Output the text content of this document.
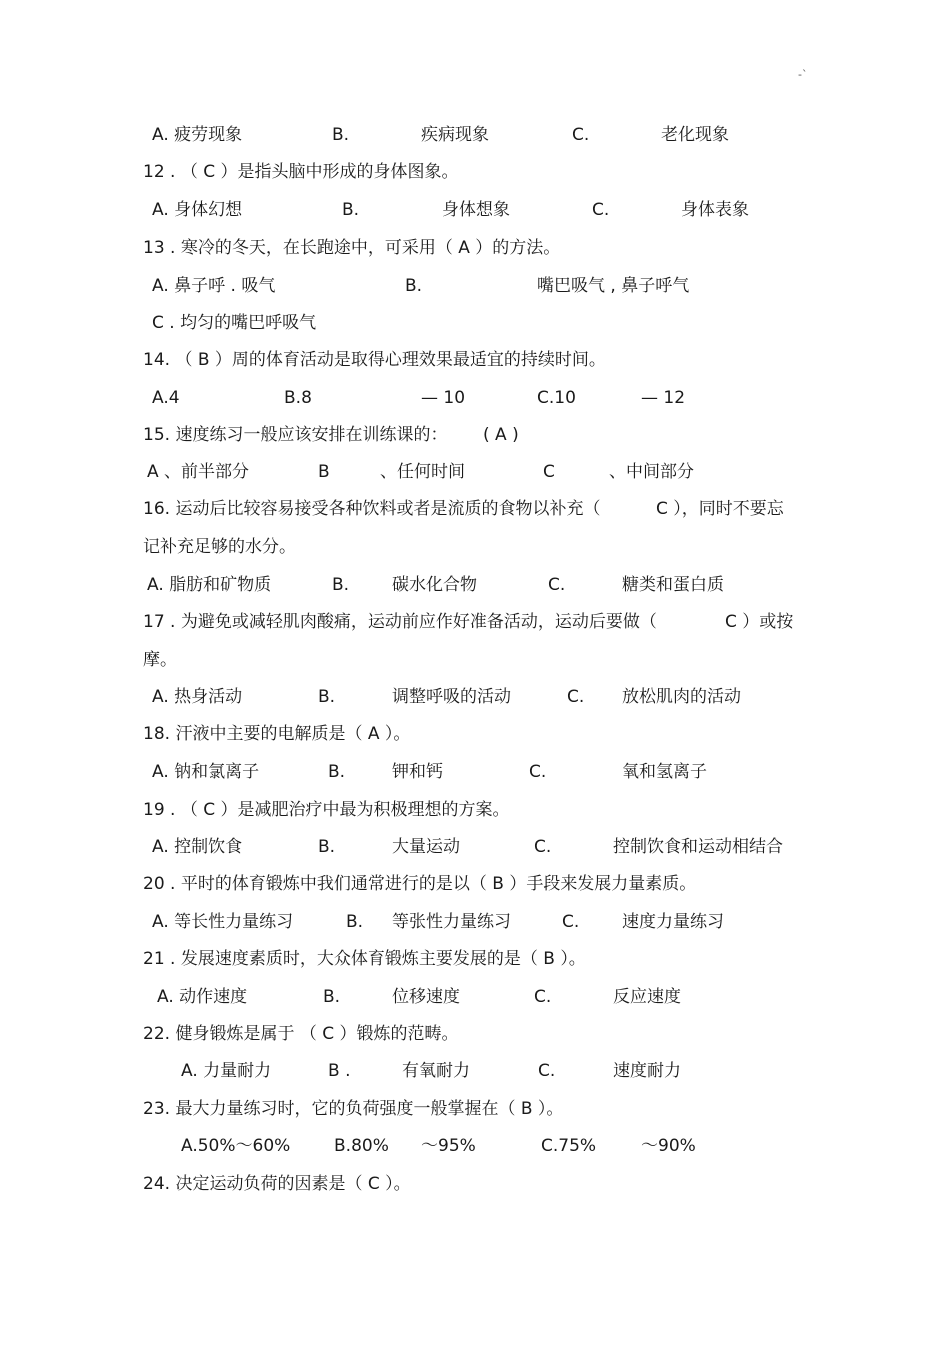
-`
A. 疲劳现象	B.	疾病现象	C.	老化现象
12 . （ C ）是指头脑中形成的身体图象。
A. 身体幻想	B.	身体想象	C.	身体表象
13 . 寒冷的冬天，在长跑途中，可采用（ A ）的方法。
A. 鼻子呼 . 吸气	B.	嘴巴吸气 , 鼻子呼气
C . 均匀的嘴巴呼吸气
14. （ B ）周的体育活动是取得心理效果最适宜的持续时间。
A.4	B.8	— 10	C.10	— 12
15. 速度练习一般应该安排在训练课的： ( A )
A 、前半部分	B	、任何时间	C	、中间部分
16. 运动后比较容易接受各种饮料或者是流质的食物以补充（	C ），同时不要忘
记补充足够的水分。
A. 脂肪和矿物质	B.	碳水化合物	C.	糖类和蛋白质
17 . 为避免或减轻肌肉酸痛，运动前应作好准备活动，运动后要做（	C ）或按
摩。
A. 热身活动	B.	调整呼吸的活动	C. 放松肌肉的活动
18. 汗液中主要的电解质是（ A ）。
A. 钠和氯离子	B.	钾和钙	C.	氧和氢离子
19 . （ C ）是减肥治疗中最为积极理想的方案。
A. 控制饮食	B.	大量运动	C.	控制饮食和运动相结合
20 . 平时的体育锻炼中我们通常进行的是以（ B ）手段来发展力量素质。
A. 等长性力量练习	B. 等张性力量练习	C.	速度力量练习
21 . 发展速度素质时，大众体育锻炼主要发展的是（ B ）。
A. 动作速度	B.	位移速度	C.	反应速度
22. 健身锻炼是属于 （ C ）锻炼的范畴。
A. 力量耐力	B .	有氧耐力	C.	速度耐力
23. 最大力量练习时，它的负荷强度一般掌握在（ B ）。
A.50%～60%	B.80% ～95%	C.75%	～90%
24. 决定运动负荷的因素是（ C ）。
